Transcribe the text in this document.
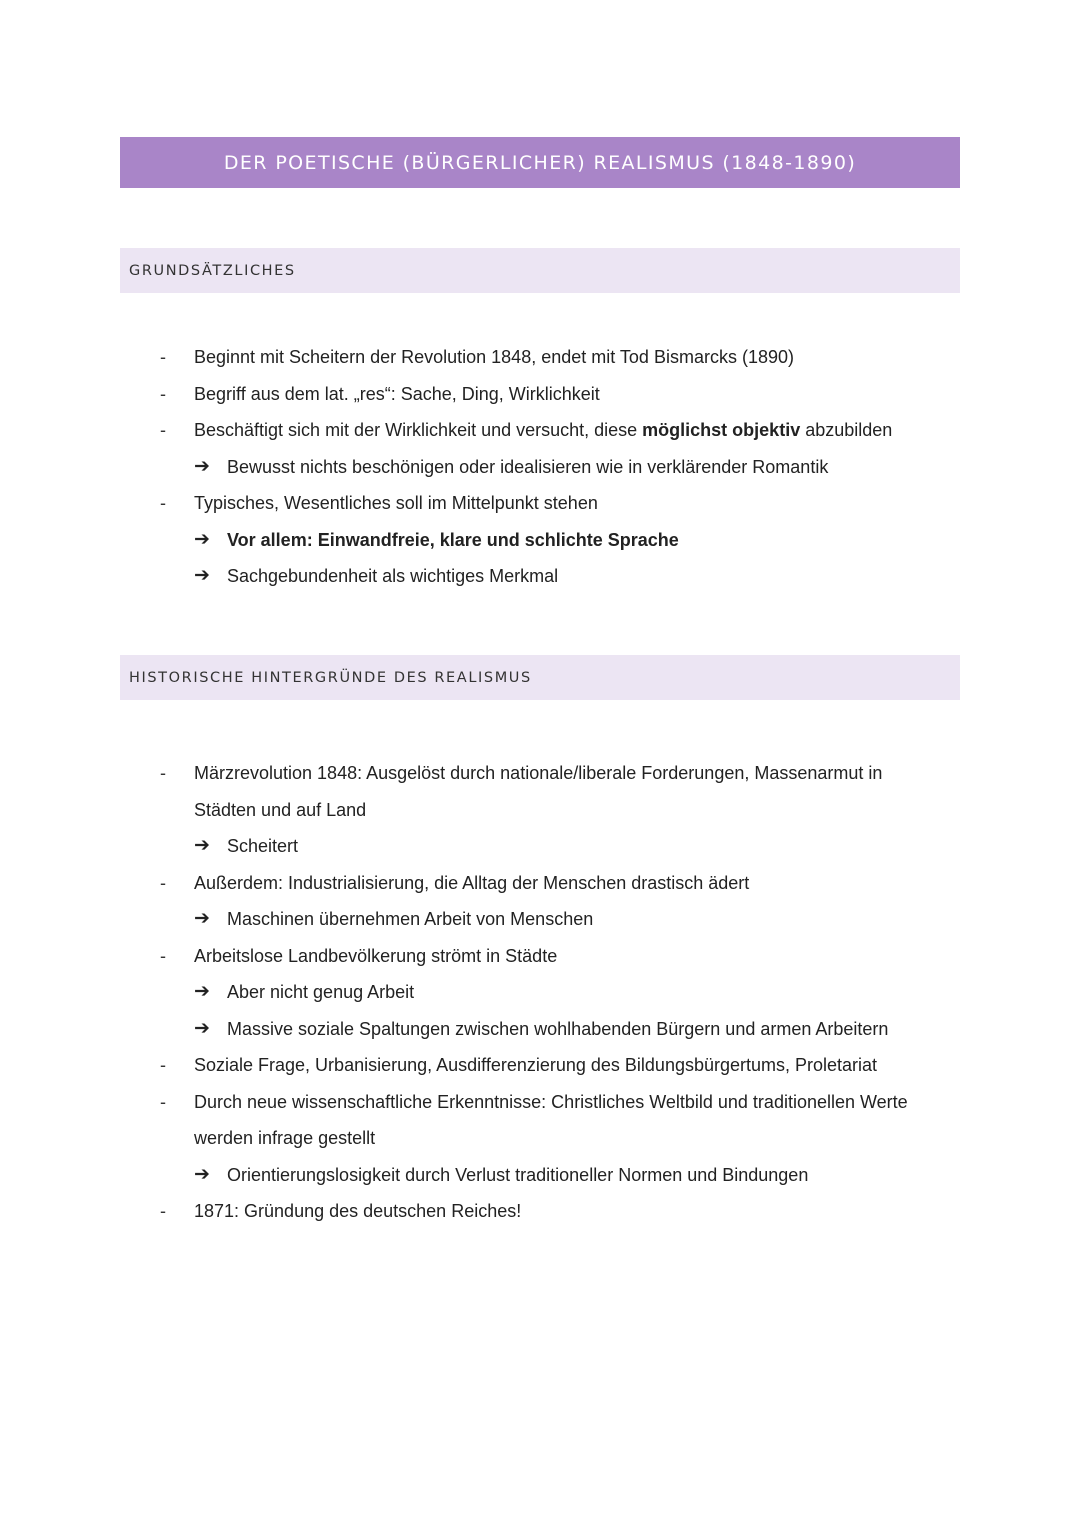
DER POETISCHE (BÜRGERLICHER) REALISMUS (1848-1890)
GRUNDSÄTZLICHES
- Beginnt mit Scheitern der Revolution 1848, endet mit Tod Bismarcks (1890)
- Begriff aus dem lat. „res“: Sache, Ding, Wirklichkeit
- Beschäftigt sich mit der Wirklichkeit und versucht, diese möglichst objektiv abzubilden
➔ Bewusst nichts beschönigen oder idealisieren wie in verklärender Romantik
- Typisches, Wesentliches soll im Mittelpunkt stehen
➔ Vor allem: Einwandfreie, klare und schlichte Sprache
➔ Sachgebundenheit als wichtiges Merkmal
HISTORISCHE HINTERGRÜNDE DES REALISMUS
- Märzrevolution 1848: Ausgelöst durch nationale/liberale Forderungen, Massenarmut in
Städten und auf Land
➔ Scheitert
- Außerdem: Industrialisierung, die Alltag der Menschen drastisch ädert
➔ Maschinen übernehmen Arbeit von Menschen
- Arbeitslose Landbevölkerung strömt in Städte
➔ Aber nicht genug Arbeit
➔ Massive soziale Spaltungen zwischen wohlhabenden Bürgern und armen Arbeitern
- Soziale Frage, Urbanisierung, Ausdifferenzierung des Bildungsbürgertums, Proletariat
- Durch neue wissenschaftliche Erkenntnisse: Christliches Weltbild und traditionellen Werte
werden infrage gestellt
➔ Orientierungslosigkeit durch Verlust traditioneller Normen und Bindungen
- 1871: Gründung des deutschen Reiches!
